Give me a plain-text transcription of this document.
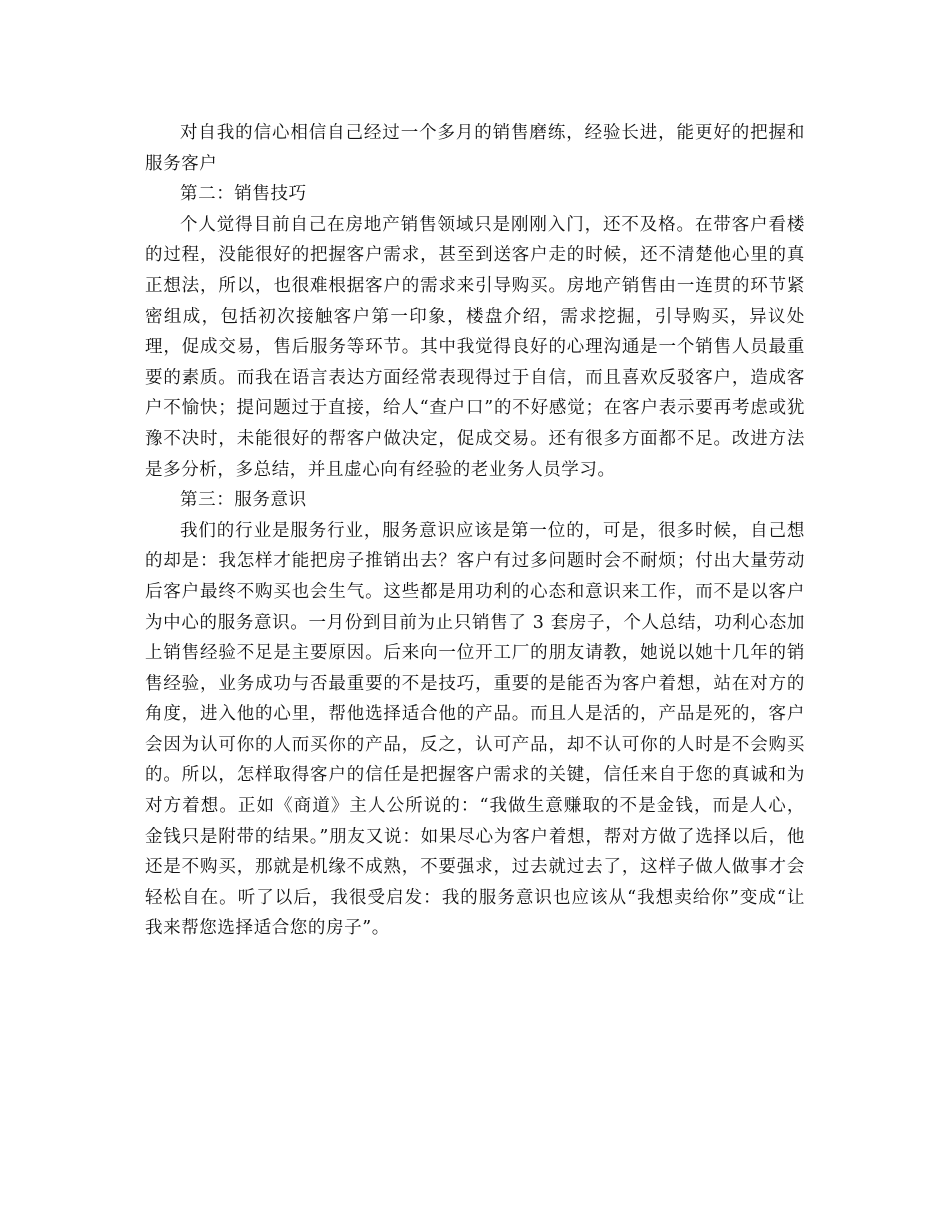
对自我的信心相信自己经过一个多月的销售磨练，经验长进，能更好的把握和服务客户

第二：销售技巧

个人觉得目前自己在房地产销售领域只是刚刚入门，还不及格。在带客户看楼的过程，没能很好的把握客户需求，甚至到送客户走的时候，还不清楚他心里的真正想法，所以，也很难根据客户的需求来引导购买。房地产销售由一连贯的环节紧密组成，包括初次接触客户第一印象，楼盘介绍，需求挖掘，引导购买，异议处理，促成交易，售后服务等环节。其中我觉得良好的心理沟通是一个销售人员最重要的素质。而我在语言表达方面经常表现得过于自信，而且喜欢反驳客户，造成客户不愉快；提问题过于直接，给人“查户口”的不好感觉；在客户表示要再考虑或犹豫不决时，未能很好的帮客户做决定，促成交易。还有很多方面都不足。改进方法是多分析，多总结，并且虚心向有经验的老业务人员学习。

第三：服务意识

我们的行业是服务行业，服务意识应该是第一位的，可是，很多时候，自己想的却是：我怎样才能把房子推销出去？客户有过多问题时会不耐烦；付出大量劳动后客户最终不购买也会生气。这些都是用功利的心态和意识来工作，而不是以客户为中心的服务意识。一月份到目前为止只销售了 3 套房子，个人总结，功利心态加上销售经验不足是主要原因。后来向一位开工厂的朋友请教，她说以她十几年的销售经验，业务成功与否最重要的不是技巧，重要的是能否为客户着想，站在对方的角度，进入他的心里，帮他选择适合他的产品。而且人是活的，产品是死的，客户会因为认可你的人而买你的产品，反之，认可产品，却不认可你的人时是不会购买的。所以，怎样取得客户的信任是把握客户需求的关键，信任来自于您的真诚和为对方着想。正如《商道》主人公所说的：“我做生意赚取的不是金钱，而是人心，金钱只是附带的结果。”朋友又说：如果尽心为客户着想，帮对方做了选择以后，他还是不购买，那就是机缘不成熟，不要强求，过去就过去了，这样子做人做事才会轻松自在。听了以后，我很受启发：我的服务意识也应该从“我想卖给你”变成“让我来帮您选择适合您的房子”。
